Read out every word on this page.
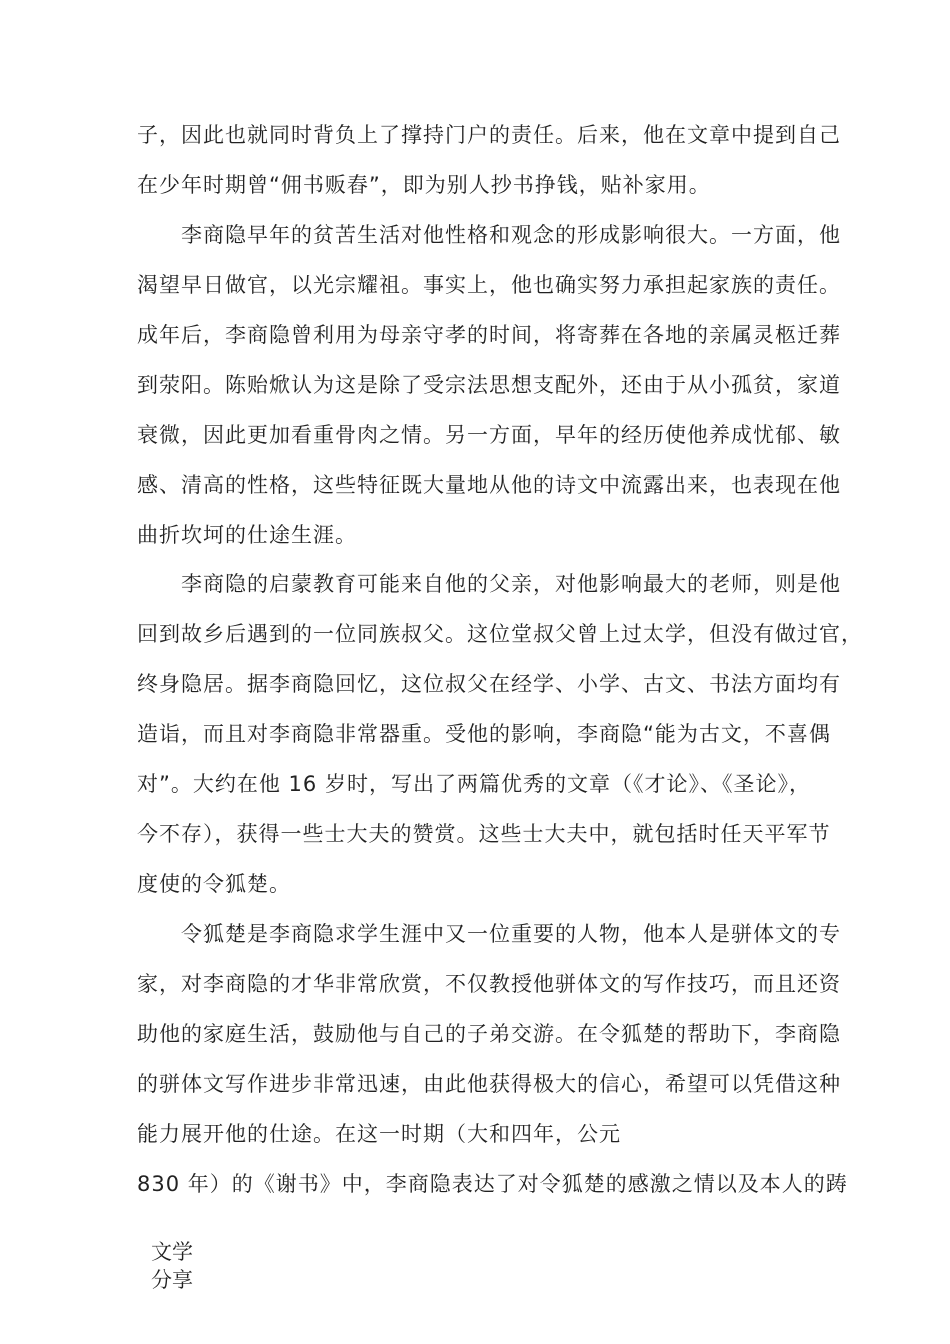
子，因此也就同时背负上了撑持门户的责任。后来，他在文章中提到自己
在少年时期曾“佣书贩舂”，即为别人抄书挣钱，贴补家用。
李商隐早年的贫苦生活对他性格和观念的形成影响很大。一方面，他
渴望早日做官，以光宗耀祖。事实上，他也确实努力承担起家族的责任。
成年后，李商隐曾利用为母亲守孝的时间，将寄葬在各地的亲属灵柩迁葬
到荥阳。陈贻焮认为这是除了受宗法思想支配外，还由于从小孤贫，家道
衰微，因此更加看重骨肉之情。另一方面，早年的经历使他养成忧郁、敏
感、清高的性格，这些特征既大量地从他的诗文中流露出来，也表现在他
曲折坎坷的仕途生涯。
李商隐的启蒙教育可能来自他的父亲，对他影响最大的老师，则是他
回到故乡后遇到的一位同族叔父。这位堂叔父曾上过太学，但没有做过官，
终身隐居。据李商隐回忆，这位叔父在经学、小学、古文、书法方面均有
造诣，而且对李商隐非常器重。受他的影响，李商隐“能为古文，不喜偶
对”。大约在他 16 岁时，写出了两篇优秀的文章（《才论》、《圣论》，
今不存），获得一些士大夫的赞赏。这些士大夫中，就包括时任天平军节
度使的令狐楚。
令狐楚是李商隐求学生涯中又一位重要的人物，他本人是骈体文的专
家，对李商隐的才华非常欣赏，不仅教授他骈体文的写作技巧，而且还资
助他的家庭生活，鼓励他与自己的子弟交游。在令狐楚的帮助下，李商隐
的骈体文写作进步非常迅速，由此他获得极大的信心，希望可以凭借这种
能力展开他的仕途。在这一时期（大和四年，公元
830 年）的《谢书》中，李商隐表达了对令狐楚的感激之情以及本人的踌
文学
分享
